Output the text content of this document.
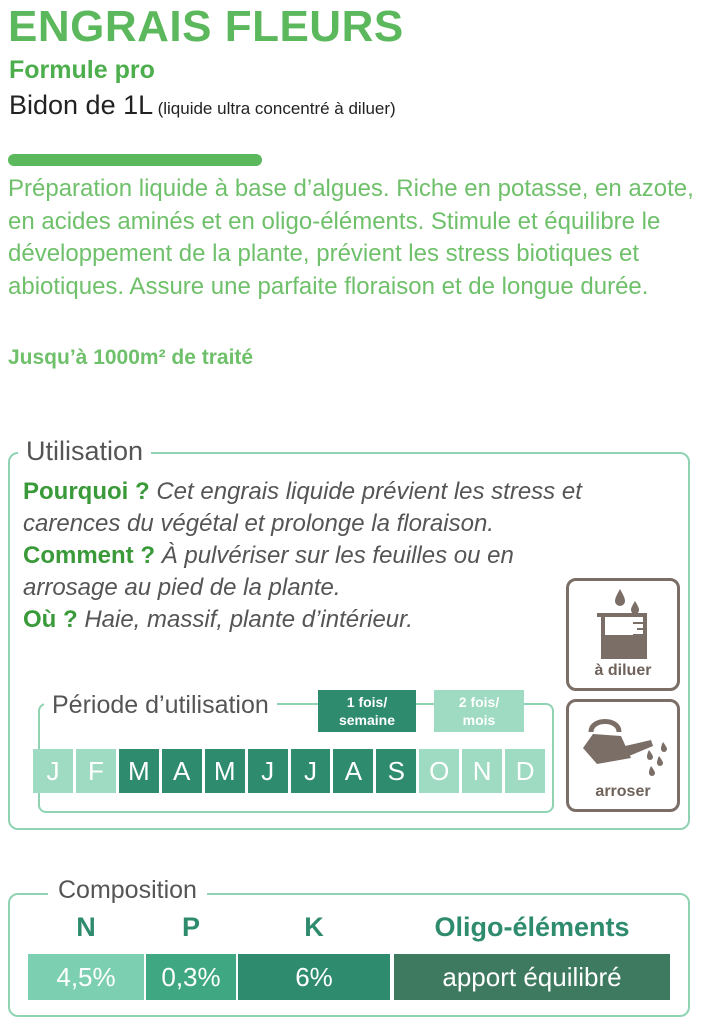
ENGRAIS FLEURS
Formule pro
Bidon de 1L (liquide ultra concentré à diluer)
Préparation liquide à base d’algues. Riche en potasse, en azote, en acides aminés et en oligo-éléments. Stimule et équilibre le développement de la plante, prévient les stress biotiques et abiotiques. Assure une parfaite floraison et de longue durée.
Jusqu’à 1000m² de traité
Utilisation
Pourquoi ? Cet engrais liquide prévient les stress et
carences du végétal et prolonge la floraison.
Comment ? À pulvériser sur les feuilles ou en
arrosage au pied de la plante.
Où ? Haie, massif, plante d’intérieur.
à diluer
arroser
Période d’utilisation	1 fois/
semaine
2 fois/
mois
J	F M A M J	J	A S O N D
Composition
N	P	K	Oligo-éléments
4,5%	0,3%	6%	apport équilibré
